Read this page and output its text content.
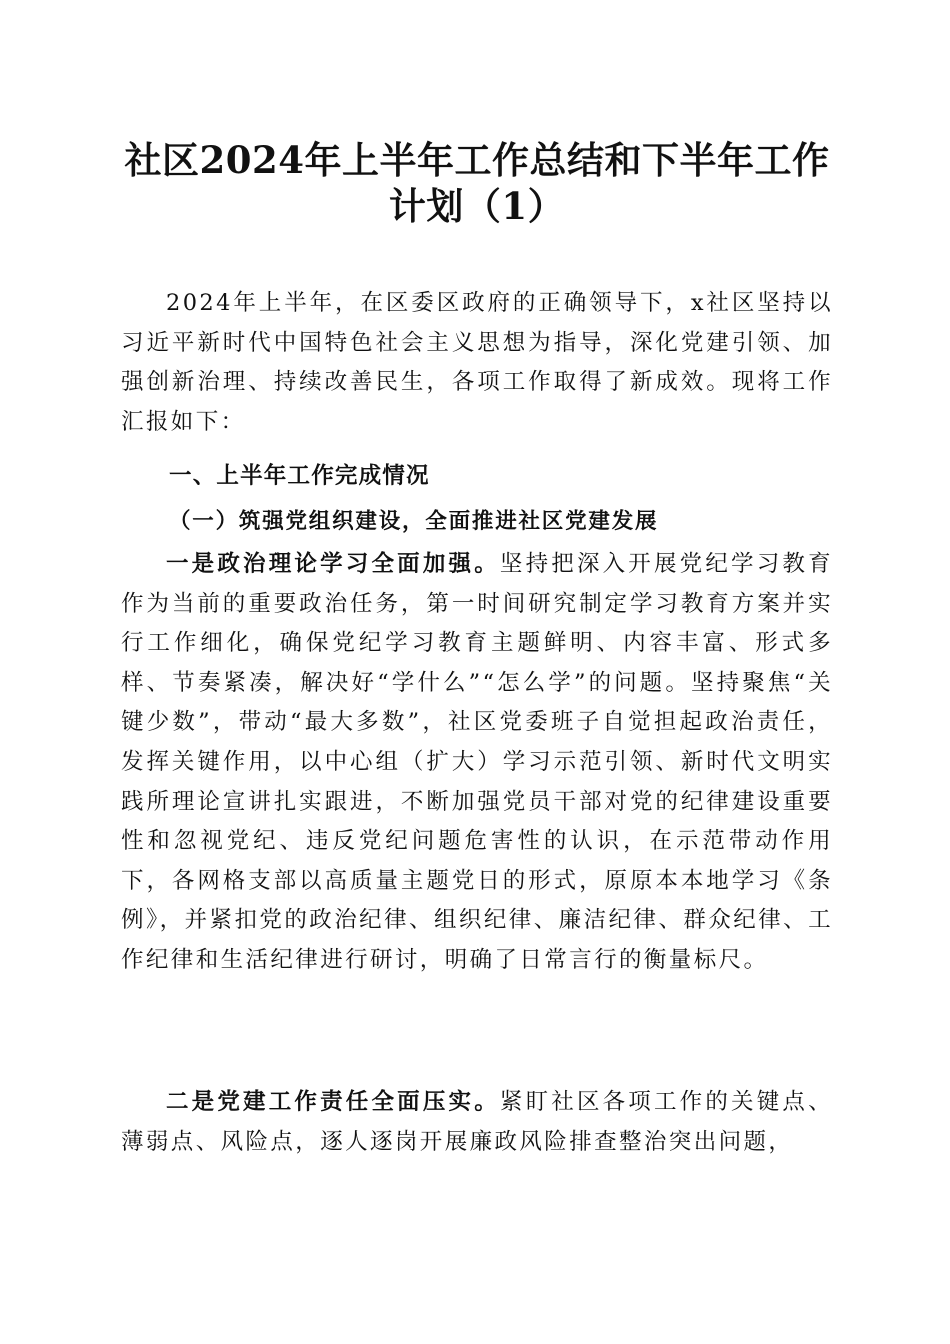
社区2024年上半年工作总结和下半年工作计划（1）

2024年上半年，在区委区政府的正确领导下，x社区坚持以习近平新时代中国特色社会主义思想为指导，深化党建引领、加强创新治理、持续改善民生，各项工作取得了新成效。现将工作汇报如下：

一、上半年工作完成情况
（一）筑强党组织建设，全面推进社区党建发展

一是政治理论学习全面加强。坚持把深入开展党纪学习教育作为当前的重要政治任务，第一时间研究制定学习教育方案并实行工作细化，确保党纪学习教育主题鲜明、内容丰富、形式多样、节奏紧凑，解决好“学什么”“怎么学”的问题。坚持聚焦“关键少数”，带动“最大多数”，社区党委班子自觉担起政治责任，发挥关键作用，以中心组（扩大）学习示范引领、新时代文明实践所理论宣讲扎实跟进，不断加强党员干部对党的纪律建设重要性和忽视党纪、违反党纪问题危害性的认识，在示范带动作用下，各网格支部以高质量主题党日的形式，原原本本地学习《条例》，并紧扣党的政治纪律、组织纪律、廉洁纪律、群众纪律、工作纪律和生活纪律进行研讨，明确了日常言行的衡量标尺。

二是党建工作责任全面压实。紧盯社区各项工作的关键点、薄弱点、风险点，逐人逐岗开展廉政风险排查整治突出问题，
